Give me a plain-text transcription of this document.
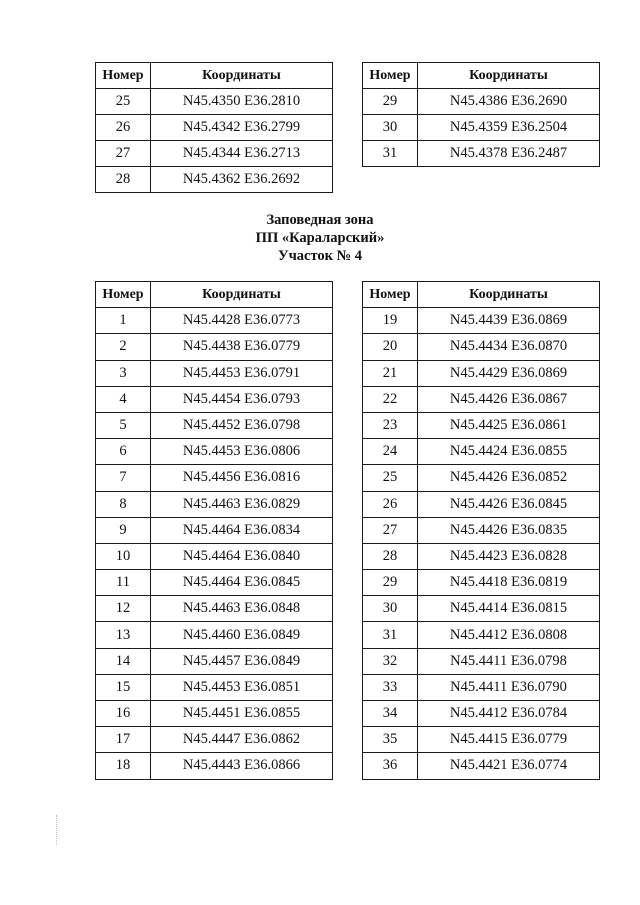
Номер	Координаты
25	N45.4350 E36.2810
26	N45.4342 E36.2799
27	N45.4344 E36.2713
28	N45.4362 E36.2692
Номер	Координаты
29	N45.4386 E36.2690
30	N45.4359 E36.2504
31	N45.4378 E36.2487
Заповедная зона
ПП «Караларский»
Участок № 4
Номер	Координаты
1	N45.4428 E36.0773
2	N45.4438 E36.0779
3	N45.4453 E36.0791
4	N45.4454 E36.0793
5	N45.4452 E36.0798
6	N45.4453 E36.0806
7	N45.4456 E36.0816
8	N45.4463 E36.0829
9	N45.4464 E36.0834
10	N45.4464 E36.0840
11	N45.4464 E36.0845
12	N45.4463 E36.0848
13	N45.4460 E36.0849
14	N45.4457 E36.0849
15	N45.4453 E36.0851
16	N45.4451 E36.0855
17	N45.4447 E36.0862
18	N45.4443 E36.0866
Номер	Координаты
19	N45.4439 E36.0869
20	N45.4434 E36.0870
21	N45.4429 E36.0869
22	N45.4426 E36.0867
23	N45.4425 E36.0861
24	N45.4424 E36.0855
25	N45.4426 E36.0852
26	N45.4426 E36.0845
27	N45.4426 E36.0835
28	N45.4423 E36.0828
29	N45.4418 E36.0819
30	N45.4414 E36.0815
31	N45.4412 E36.0808
32	N45.4411 E36.0798
33	N45.4411 E36.0790
34	N45.4412 E36.0784
35	N45.4415 E36.0779
36	N45.4421 E36.0774
